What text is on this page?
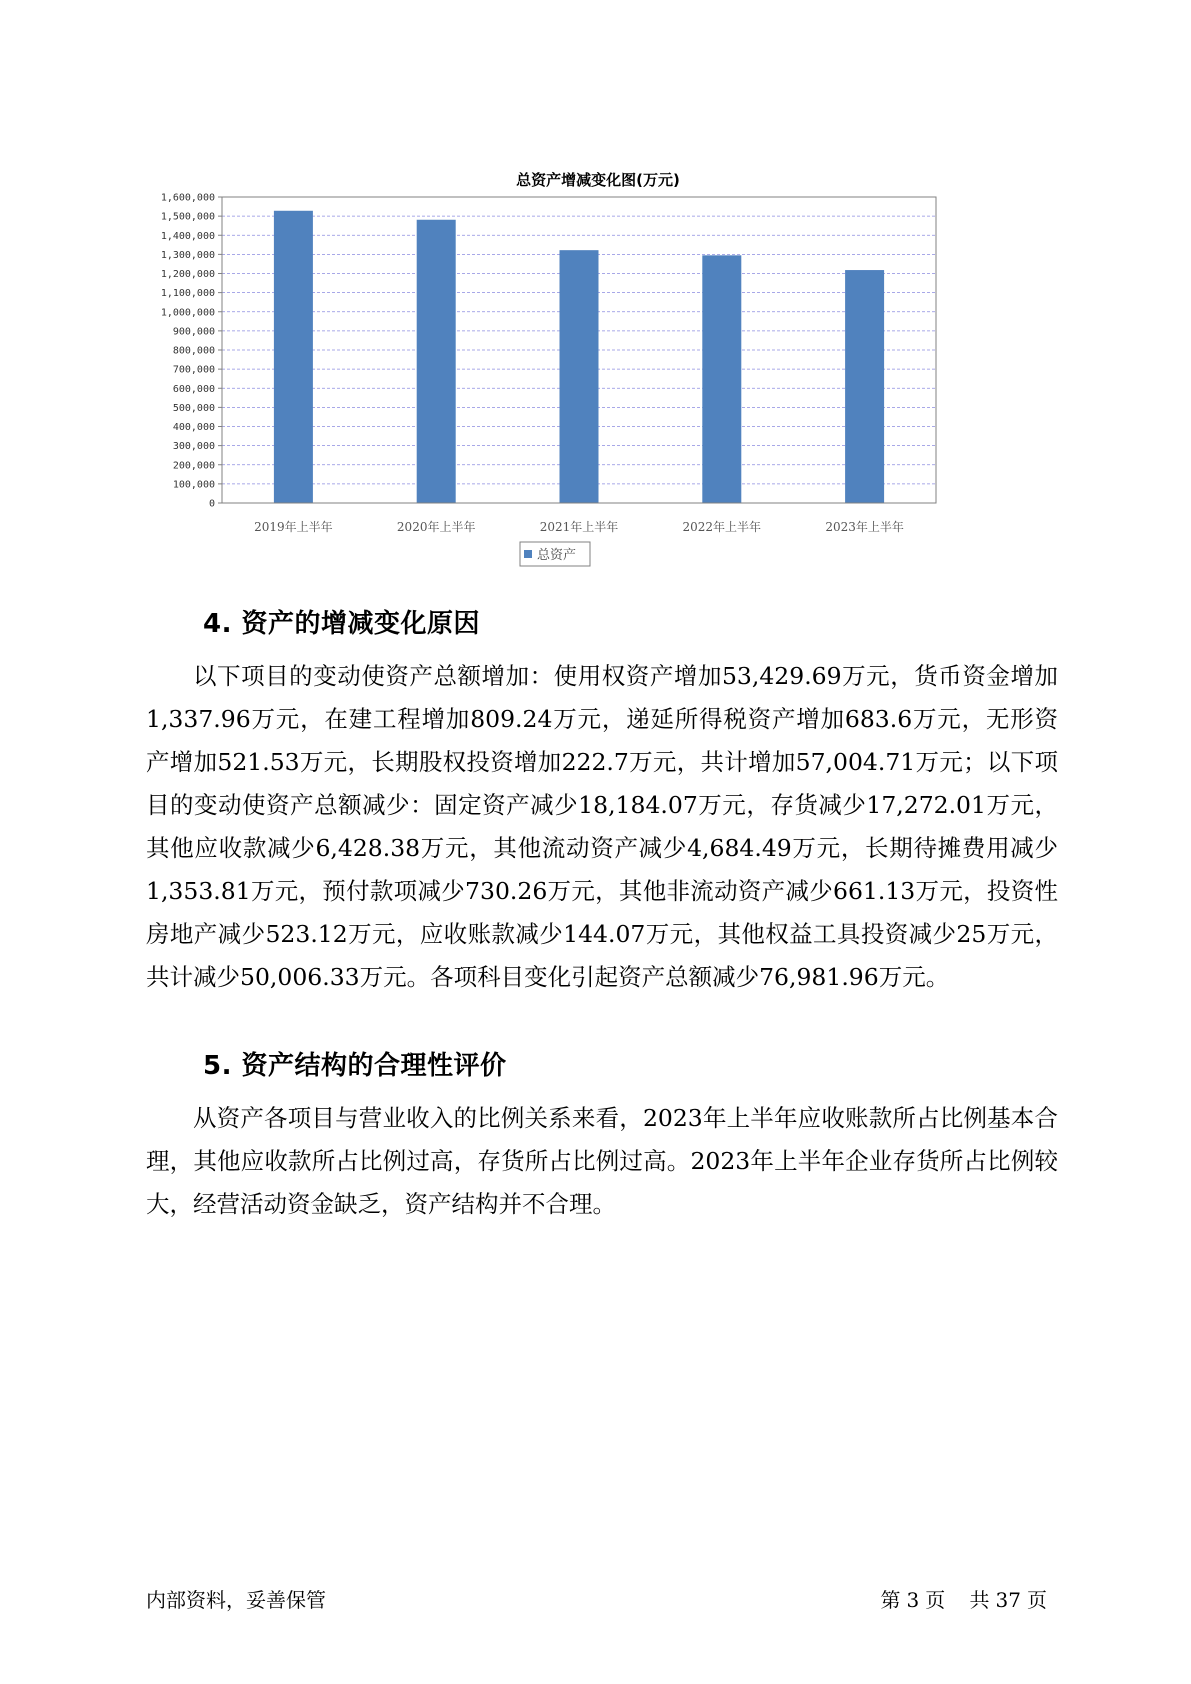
总资产增减变化图(万元)
0
100,000
200,000
300,000
400,000
500,000
600,000
700,000
800,000
900,000
1,000,000
1,100,000
1,200,000
1,300,000
1,400,000
1,500,000
1,600,000
2019年上半年	2020年上半年	2021年上半年	2022年上半年	2023年上半年
总资产
4. 资产的增减变化原因

以下项目的变动使资产总额增加：使用权资产增加53,429.69万元，货币资金增加1,337.96万元，在建工程增加809.24万元，递延所得税资产增加683.6万元，无形资产增加521.53万元，长期股权投资增加222.7万元，共计增加57,004.71万元；以下项目的变动使资产总额减少：固定资产减少18,184.07万元，存货减少17,272.01万元，其他应收款减少6,428.38万元，其他流动资产减少4,684.49万元，长期待摊费用减少1,353.81万元，预付款项减少730.26万元，其他非流动资产减少661.13万元，投资性房地产减少523.12万元，应收账款减少144.07万元，其他权益工具投资减少25万元，共计减少50,006.33万元。各项科目变化引起资产总额减少76,981.96万元。

5. 资产结构的合理性评价

从资产各项目与营业收入的比例关系来看，2023年上半年应收账款所占比例基本合理，其他应收款所占比例过高，存货所占比例过高。2023年上半年企业存货所占比例较大，经营活动资金缺乏，资产结构并不合理。

内部资料，妥善保管	第 3 页 共 37 页
